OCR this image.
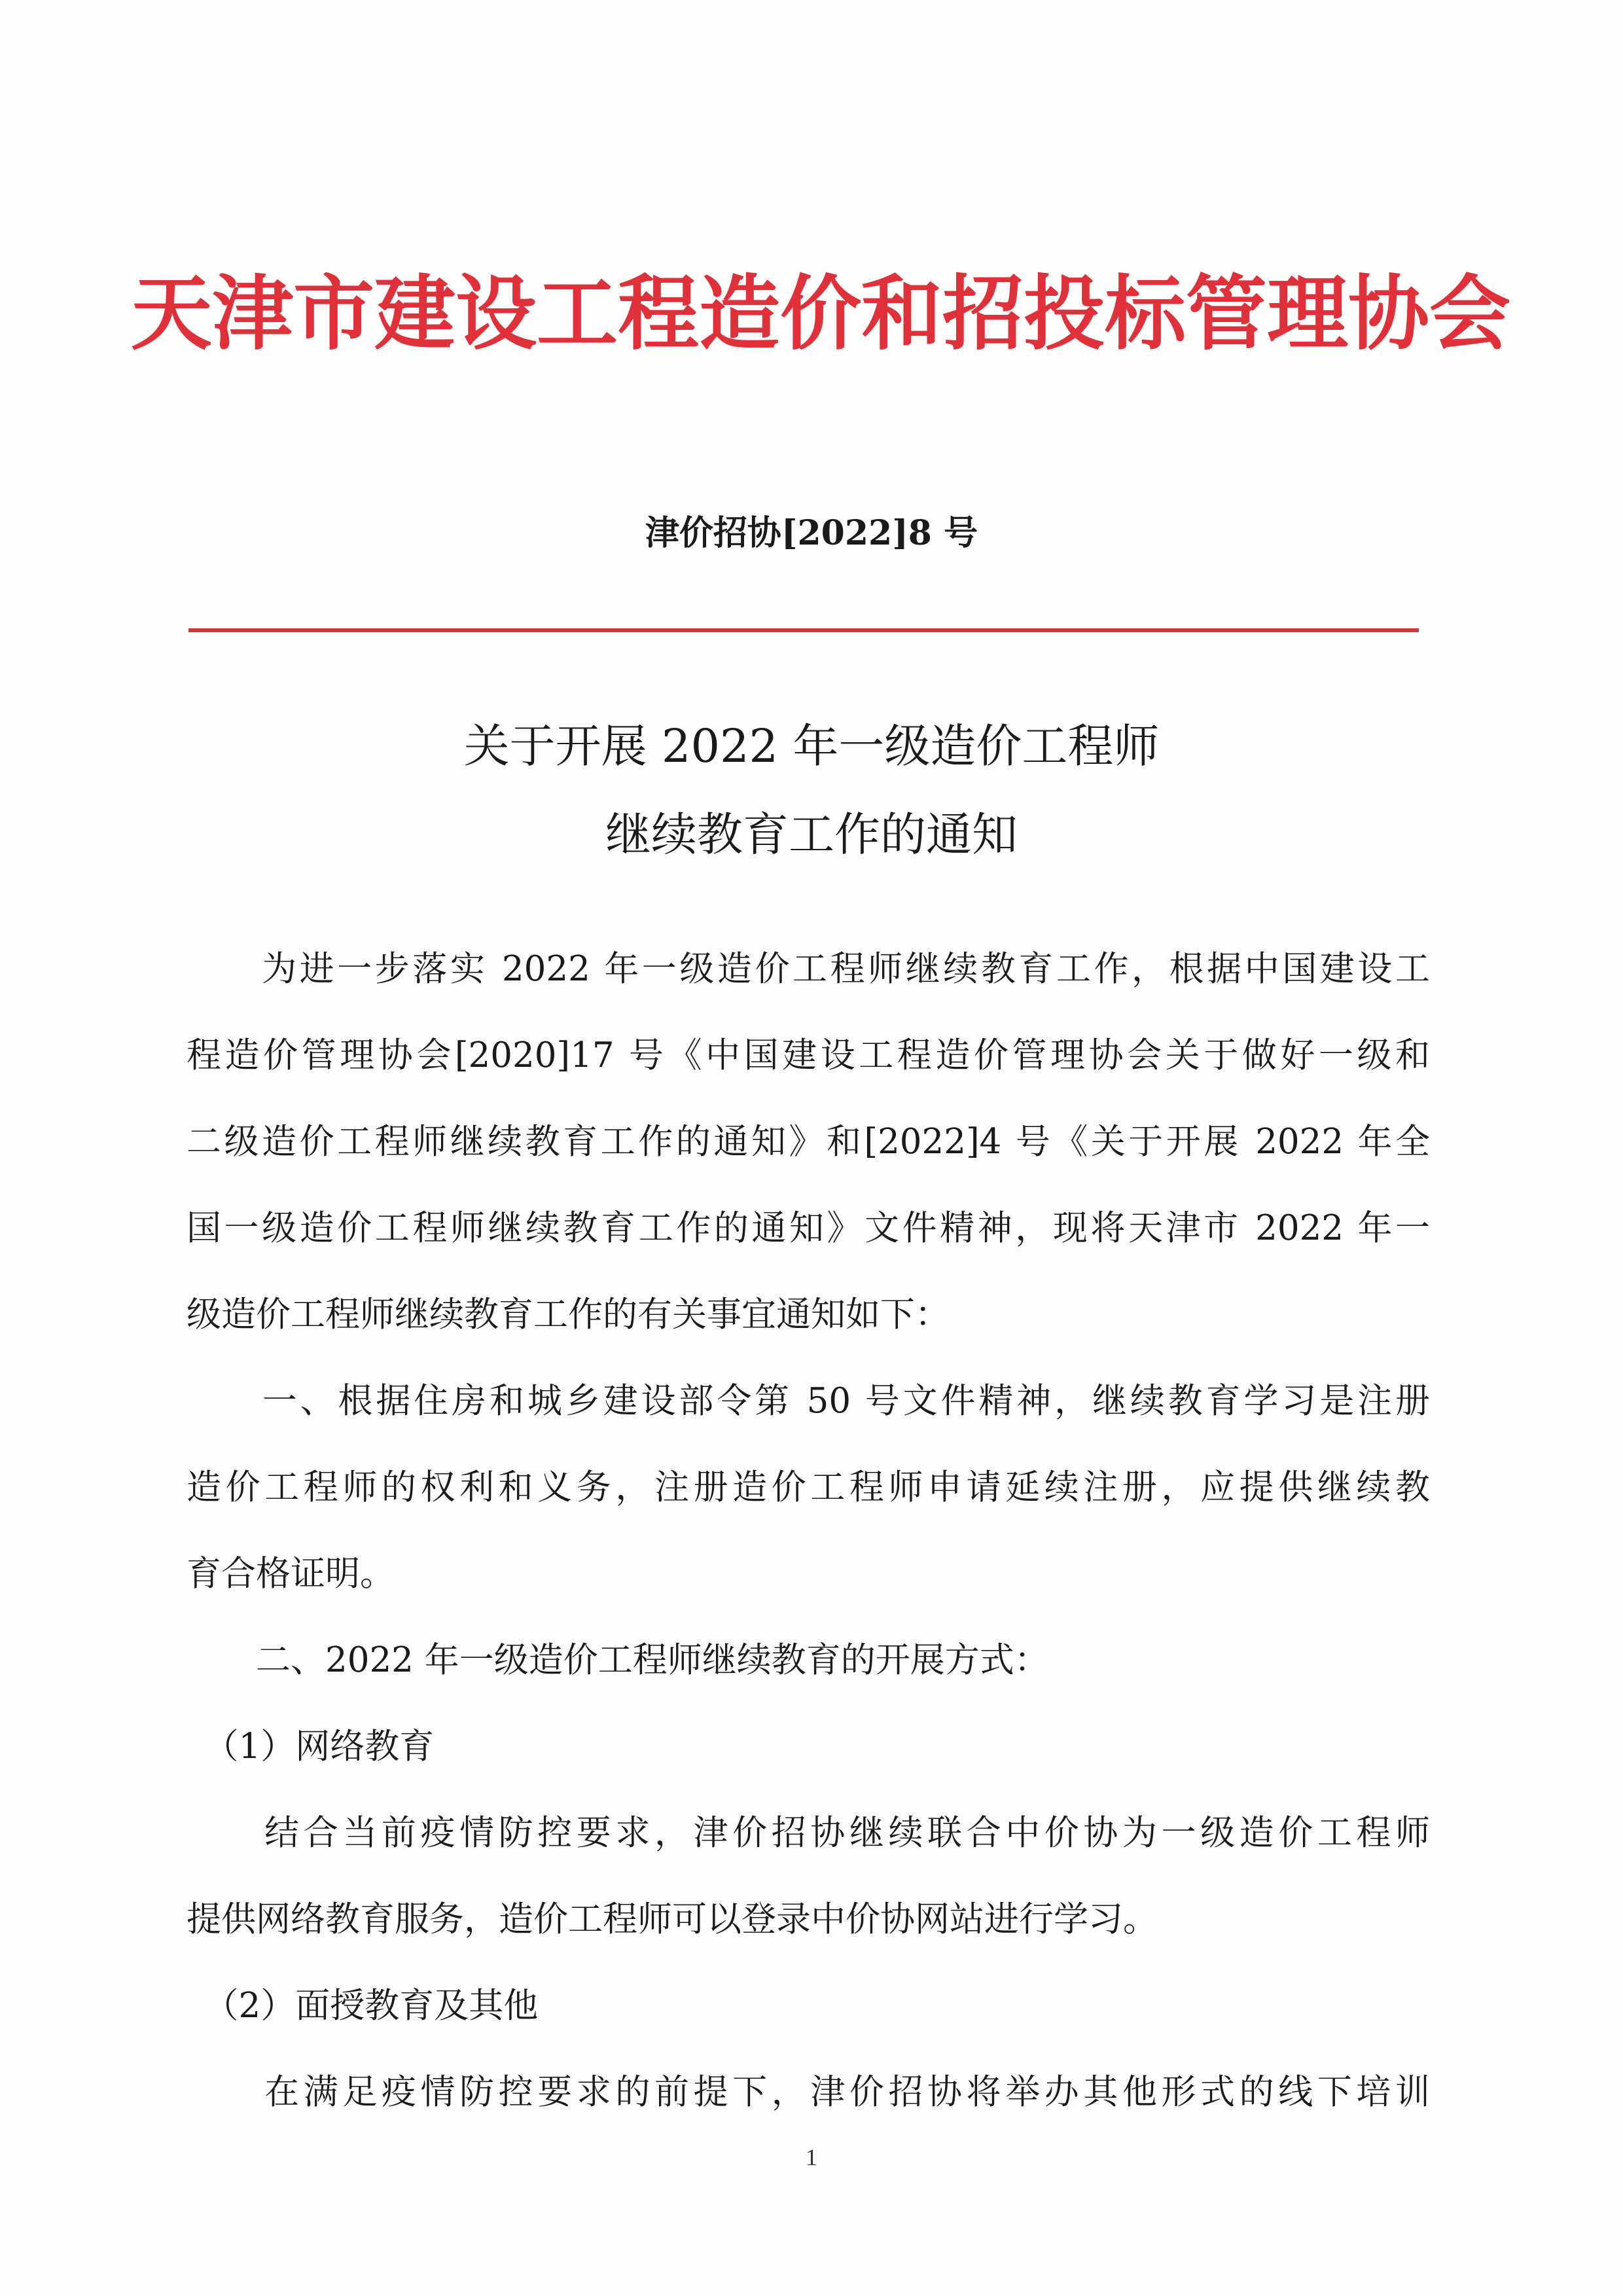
天津市建设工程造价和招投标管理协会
津价招协[2022]8 号
关于开展 2022 年一级造价工程师
继续教育工作的通知
　　为进一步落实 2022 年一级造价工程师继续教育工作，根据中国建设工
程造价管理协会[2020]17 号《中国建设工程造价管理协会关于做好一级和
二级造价工程师继续教育工作的通知》和[2022]4 号《关于开展 2022 年全
国一级造价工程师继续教育工作的通知》文件精神，现将天津市 2022 年一
级造价工程师继续教育工作的有关事宜通知如下：
　　一、根据住房和城乡建设部令第 50 号文件精神，继续教育学习是注册
造价工程师的权利和义务，注册造价工程师申请延续注册，应提供继续教
育合格证明。
　　二、2022 年一级造价工程师继续教育的开展方式：
　（1）网络教育
　　结合当前疫情防控要求，津价招协继续联合中价协为一级造价工程师
提供网络教育服务，造价工程师可以登录中价协网站进行学习。
　（2）面授教育及其他
　　在满足疫情防控要求的前提下，津价招协将举办其他形式的线下培训
1
